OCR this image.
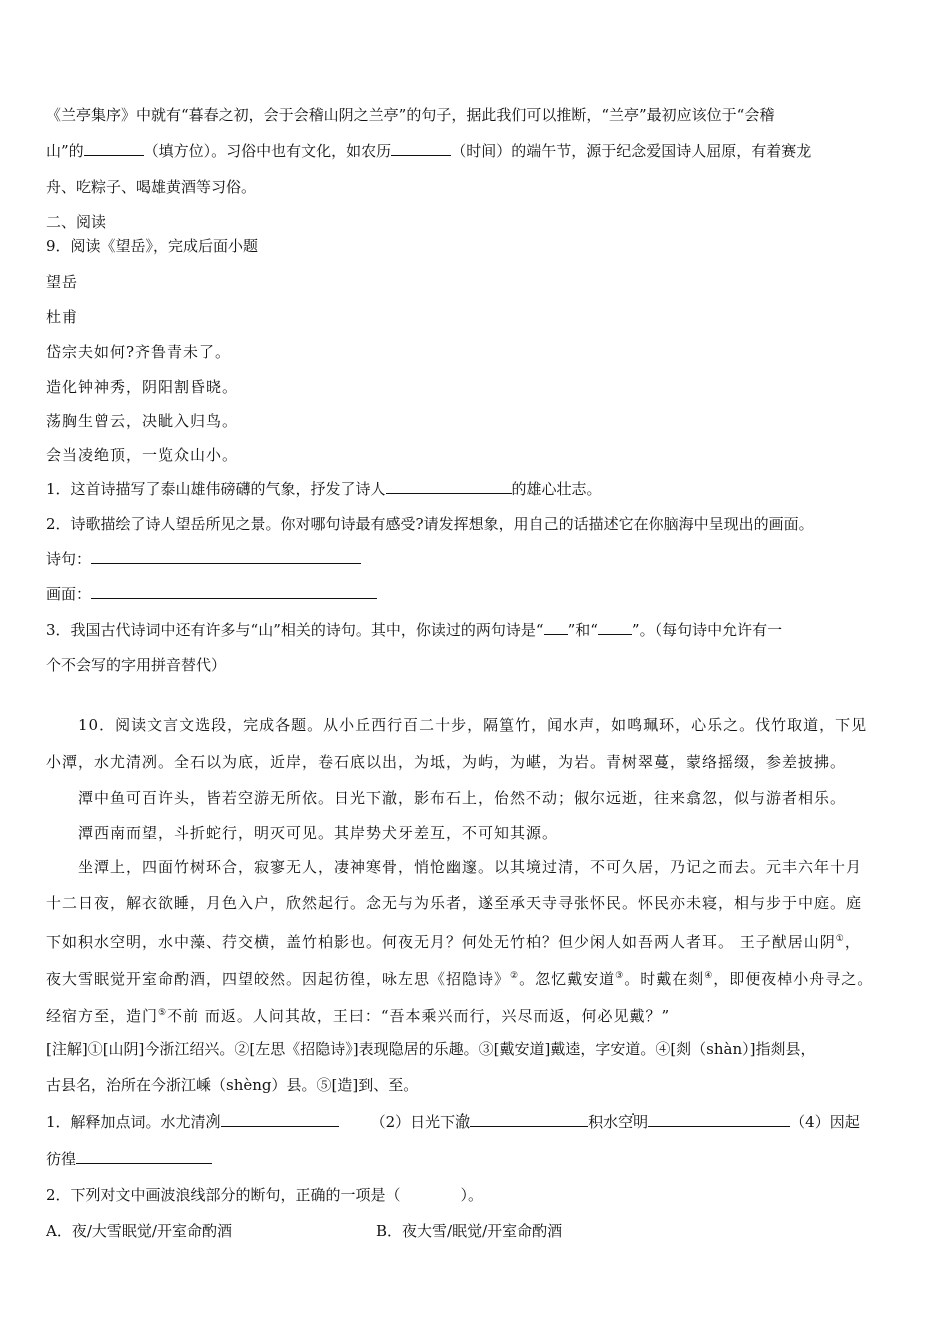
《兰亭集序》中就有“暮春之初，会于会稽山阴之兰亭”的句子，据此我们可以推断，“兰亭”最初应该位于“会稽
山”的	（填方位）。习俗中也有文化，如农历	（时间）的端午节，源于纪念爱国诗人屈原，有着赛龙
舟、吃粽子、喝雄黄酒等习俗。
二、阅读
9．阅读《望岳》，完成后面小题
望岳
杜甫
岱宗夫如何?齐鲁青未了。
造化钟神秀，阴阳割昏晓。
荡胸生曾云，决眦入归鸟。
会当凌绝顶，一览众山小。
1．这首诗描写了泰山雄伟磅礴的气象，抒发了诗人	的雄心壮志。
2．诗歌描绘了诗人望岳所见之景。你对哪句诗最有感受?请发挥想象，用自己的话描述它在你脑海中呈现出的画面。
诗句：
画面：
3．我国古代诗词中还有许多与“山”相关的诗句。其中，你读过的两句诗是“ ”和“ ”。（每句诗中允许有一
个不会写的字用拼音替代）
10．阅读文言文选段，完成各题。从小丘西行百二十步，隔篁竹，闻水声，如鸣珮环，心乐之。伐竹取道，下见
小潭，水尤清冽。全石以为底，近岸，卷石底以出，为坻，为屿，为嵁，为岩。青树翠蔓，蒙络摇缀，参差披拂。
潭中鱼可百许头，皆若空游无所依。日光下澈，影布石上，佁然不动；俶尔远逝，往来翕忽，似与游者相乐。
潭西南而望，斗折蛇行，明灭可见。其岸势犬牙差互，不可知其源。
坐潭上，四面竹树环合，寂寥无人，凄神寒骨，悄怆幽邃。以其境过清，不可久居，乃记之而去。元丰六年十月
十二日夜，解衣欲睡，月色入户，欣然起行。念无与为乐者，遂至承天寺寻张怀民。怀民亦未寝，相与步于中庭。庭
下如积水空明，水中藻、荇交横，盖竹柏影也。何夜无月？何处无竹柏？但少闲人如吾两人者耳。 王子猷居山阴①，
夜大雪眠觉开室命酌酒，四望皎然。因起彷徨，咏左思《招隐诗》②。忽忆戴安道③。时戴在剡④，即便夜棹小舟寻之。
经宿方至，造门⑤不前 而返。人问其故，王曰：“吾本乘兴而行，兴尽而返，何必见戴？”
[注解]①[山阴]今浙江绍兴。②[左思《招隐诗》]表现隐居的乐趣。③[戴安道]戴逵，字安道。④[剡（shàn）]指剡县，
古县名，治所在今浙江嵊（shèng）县。⑤[造]到、至。
1．解释加点词。水尤清冽	（2）日光下澈	积水空明	（4）因起
彷徨
2．下列对文中画波浪线部分的断句，正确的一项是（　　　　）。
A．夜/大雪眠觉/开室命酌酒	B．夜大雪/眠觉/开室命酌酒
